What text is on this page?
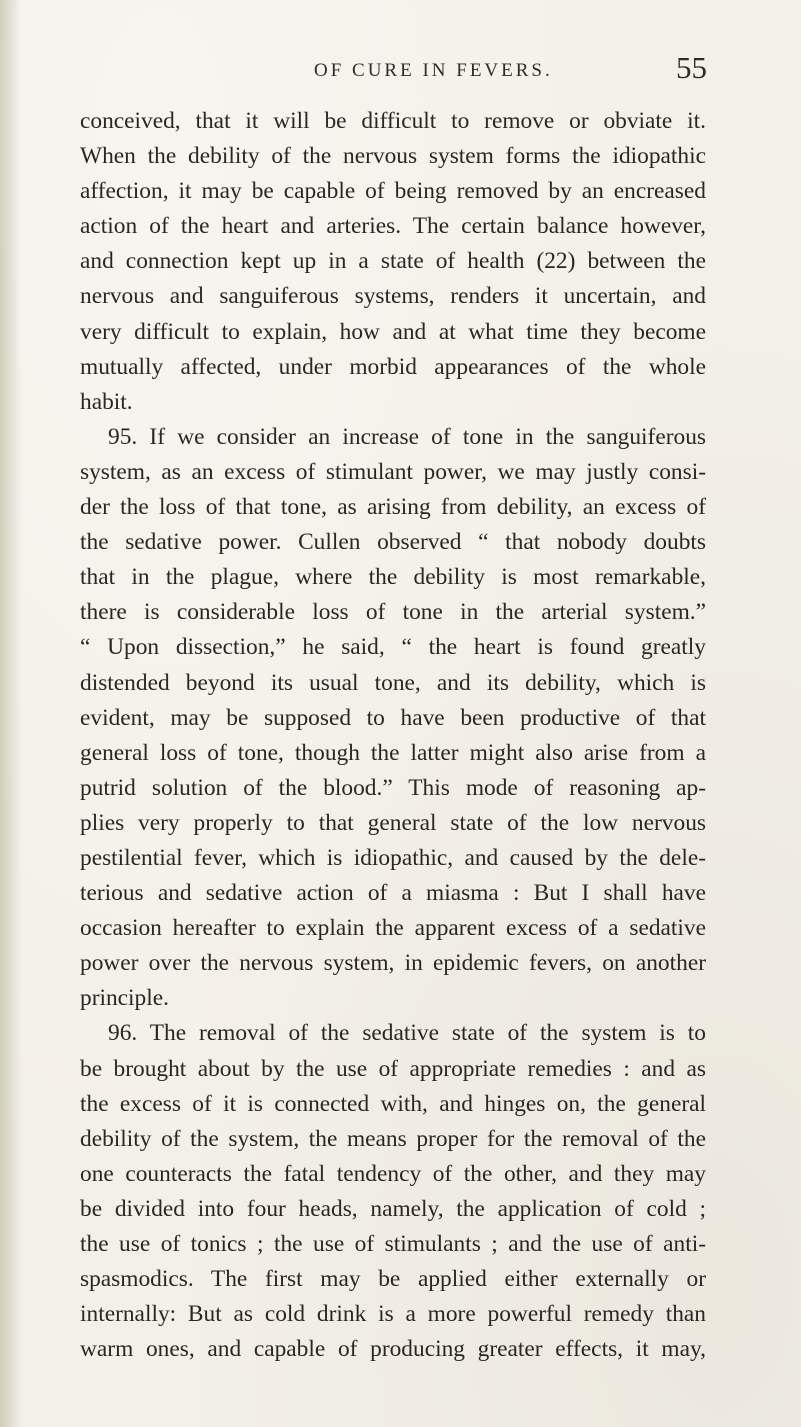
OF CURE IN FEVERS.	55
conceived, that it will be difficult to remove or obviate it.
When the debility of the nervous system forms the idiopathic
affection, it may be capable of being removed by an encreased
action of the heart and arteries. The certain balance however,
and connection kept up in a state of health (22) between the
nervous and sanguiferous systems, renders it uncertain, and
very difficult to explain, how and at what time they become
mutually affected, under morbid appearances of the whole
habit.
95. If we consider an increase of tone in the sanguiferous
system, as an excess of stimulant power, we may justly consi-
der the loss of that tone, as arising from debility, an excess of
the sedative power. Cullen observed “ that nobody doubts
that in the plague, where the debility is most remarkable,
there is considerable loss of tone in the arterial system.”
“ Upon dissection,” he said, “ the heart is found greatly
distended beyond its usual tone, and its debility, which is
evident, may be supposed to have been productive of that
general loss of tone, though the latter might also arise from a
putrid solution of the blood.” This mode of reasoning ap-
plies very properly to that general state of the low nervous
pestilential fever, which is idiopathic, and caused by the dele-
terious and sedative action of a miasma : But I shall have
occasion hereafter to explain the apparent excess of a sedative
power over the nervous system, in epidemic fevers, on another
principle.
96. The removal of the sedative state of the system is to
be brought about by the use of appropriate remedies : and as
the excess of it is connected with, and hinges on, the general
debility of the system, the means proper for the removal of the
one counteracts the fatal tendency of the other, and they may
be divided into four heads, namely, the application of cold ;
the use of tonics ; the use of stimulants ; and the use of anti-
spasmodics. The first may be applied either externally or
internally: But as cold drink is a more powerful remedy than
warm ones, and capable of producing greater effects, it may,
